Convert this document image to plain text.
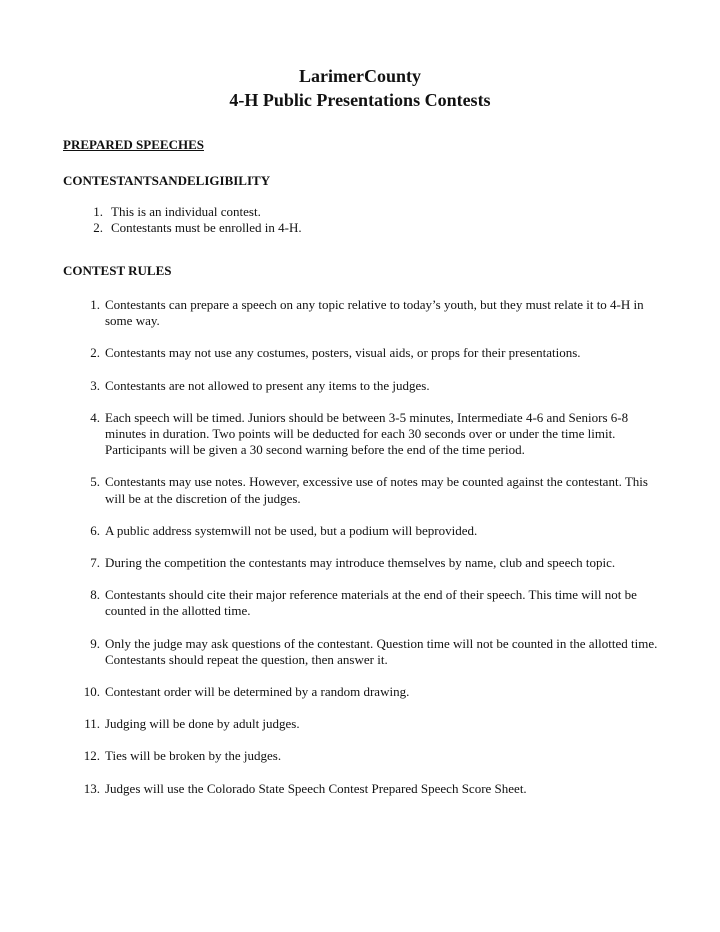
LarimerCounty
4-H Public Presentations Contests
PREPARED SPEECHES
CONTESTANTSANDELIGIBILITY
1. This is an individual contest.
2. Contestants must be enrolled in 4-H.
CONTEST RULES
1. Contestants can prepare a speech on any topic relative to today’s youth, but they must relate it to 4-H in some way.
2. Contestants may not use any costumes, posters, visual aids, or props for their presentations.
3. Contestants are not allowed to present any items to the judges.
4. Each speech will be timed. Juniors should be between 3-5 minutes, Intermediate 4-6 and Seniors 6-8 minutes in duration. Two points will be deducted for each 30 seconds over or under the time limit. Participants will be given a 30 second warning before the end of the time period.
5. Contestants may use notes. However, excessive use of notes may be counted against the contestant. This will be at the discretion of the judges.
6. A public address systemwill not be used, but a podium will beprovided.
7. During the competition the contestants may introduce themselves by name, club and speech topic.
8. Contestants should cite their major reference materials at the end of their speech. This time will not be counted in the allotted time.
9. Only the judge may ask questions of the contestant. Question time will not be counted in the allotted time. Contestants should repeat the question, then answer it.
10. Contestant order will be determined by a random drawing.
11. Judging will be done by adult judges.
12. Ties will be broken by the judges.
13. Judges will use the Colorado State Speech Contest Prepared Speech Score Sheet.
